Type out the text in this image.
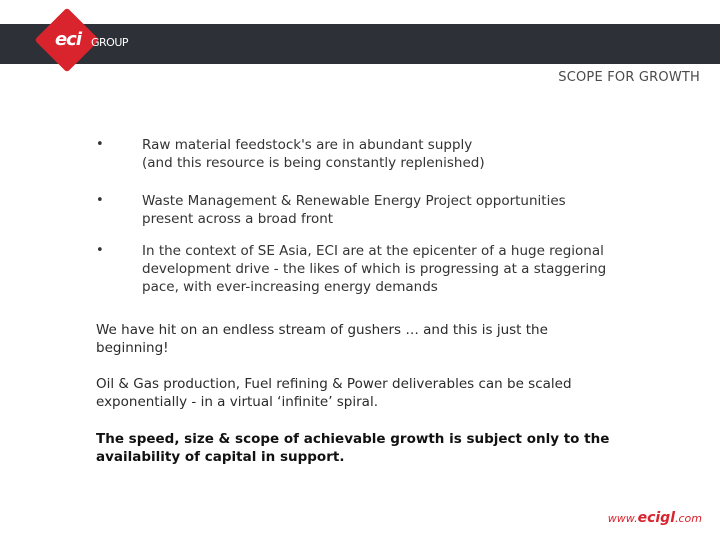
eci GROUP
SCOPE FOR GROWTH
•	Raw material feedstock's are in abundant supply
(and this resource is being constantly replenished)
•	Waste Management & Renewable Energy Project opportunities
present across a broad front
•	In the context of SE Asia, ECI are at the epicenter of a huge regional
development drive - the likes of which is progressing at a staggering
pace, with ever-increasing energy demands
We have hit on an endless stream of gushers … and this is just the
beginning!
Oil & Gas production, Fuel refining & Power deliverables can be scaled
exponentially - in a virtual ‘infinite’ spiral.
The speed, size & scope of achievable growth is subject only to the
availability of capital in support.
www.ecigl.com
